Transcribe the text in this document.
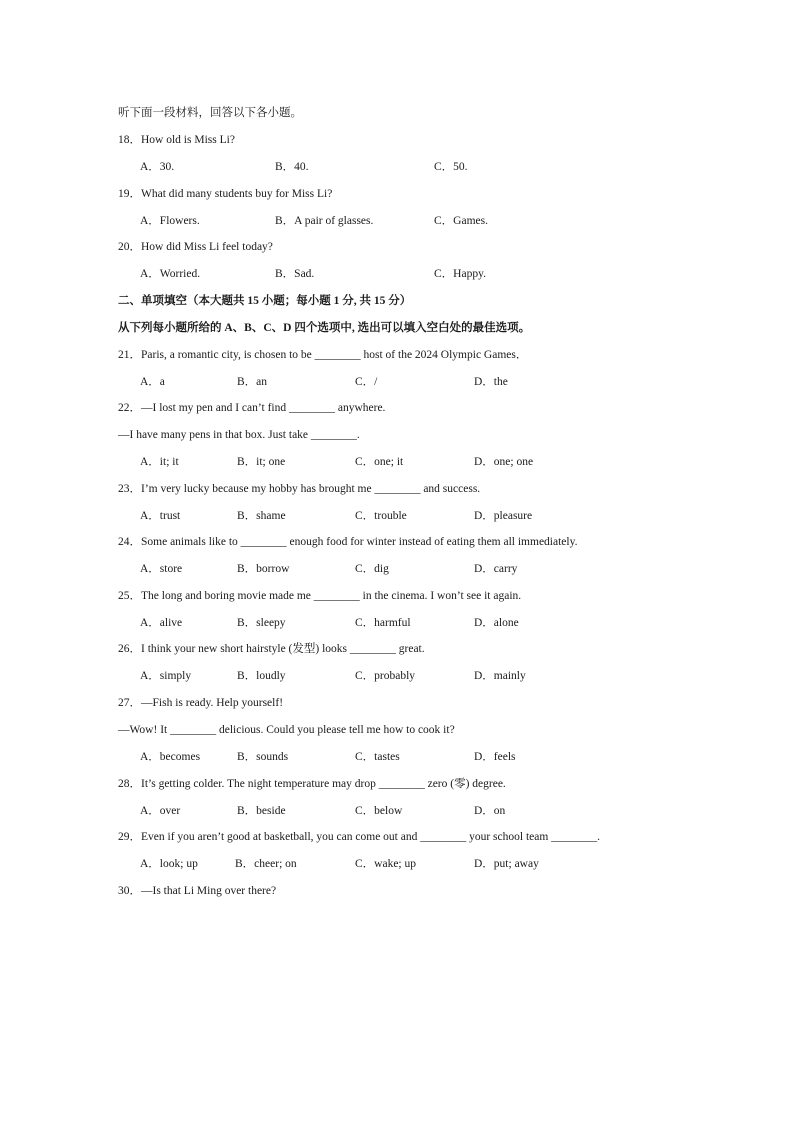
听下面一段材料，回答以下各小题。
18．How old is Miss Li?
A．30.	B．40.	C．50.
19．What did many students buy for Miss Li?
A．Flowers.	B．A pair of glasses.	C．Games.
20．How did Miss Li feel today?
A．Worried.	B．Sad.	C．Happy.
二、单项填空（本大题共 15 小题；每小题 1 分, 共 15 分）
从下列每小题所给的 A、B、C、D 四个选项中, 选出可以填入空白处的最佳选项。
21．Paris, a romantic city, is chosen to be ________ host of the 2024 Olympic Games．
A．a	B．an	C．/	D．the
22．—I lost my pen and I can’t find ________ anywhere.
—I have many pens in that box. Just take ________.
A．it; it	B．it; one	C．one; it	D．one; one
23．I’m very lucky because my hobby has brought me ________ and success.
A．trust	B．shame	C．trouble	D．pleasure
24．Some animals like to ________ enough food for winter instead of eating them all immediately.
A．store	B．borrow	C．dig	D．carry
25．The long and boring movie made me ________ in the cinema. I won’t see it again.
A．alive	B．sleepy	C．harmful	D．alone
26．I think your new short hairstyle (发型) looks ________ great.
A．simply	B．loudly	C．probably	D．mainly
27．—Fish is ready. Help yourself!
—Wow! It ________ delicious. Could you please tell me how to cook it?
A．becomes	B．sounds	C．tastes	D．feels
28．It’s getting colder. The night temperature may drop ________ zero (零) degree.
A．over	B．beside	C．below	D．on
29．Even if you aren’t good at basketball, you can come out and ________ your school team ________.
A．look; up	B．cheer; on	C．wake; up	D．put; away
30．—Is that Li Ming over there?
